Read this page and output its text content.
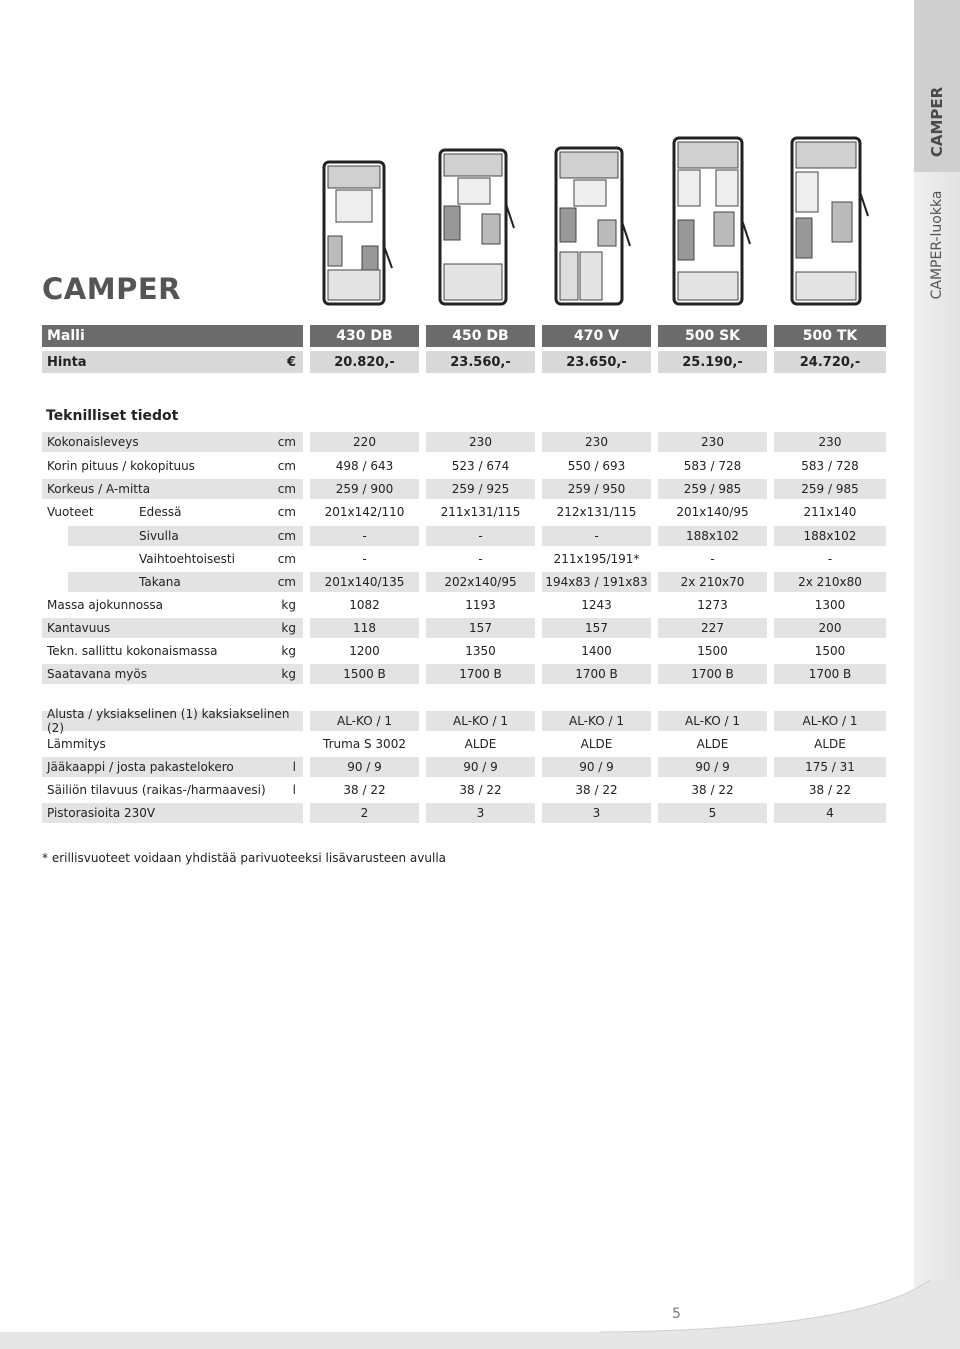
CAMPER
CAMPER-luokka
CAMPER
Malli	430 DB	450 DB	470 V	500 SK	500 TK
Hinta	€	20.820,-	23.560,-	23.650,-	25.190,-	24.720,-
Teknilliset tiedot
Kokonaisleveys	cm	220	230	230	230	230
Korin pituus / kokopituus	cm	498 / 643	523 / 674	550 / 693	583 / 728	583 / 728
Korkeus / A-mitta	cm	259 / 900	259 / 925	259 / 950	259 / 985	259 / 985
Vuoteet	Edessä	cm	201x142/110	211x131/115	212x131/115	201x140/95	211x140
Sivulla	cm	-	-	-	188x102	188x102
Vaihtoehtoisesti	cm	-	-	211x195/191*	-	-
Takana	cm	201x140/135	202x140/95	194x83 / 191x83	2x 210x70	2x 210x80
Massa ajokunnossa	kg	1082	1193	1243	1273	1300
Kantavuus	kg	118	157	157	227	200
Tekn. sallittu kokonaismassa	kg	1200	1350	1400	1500	1500
Saatavana myös	kg	1500 B	1700 B	1700 B	1700 B	1700 B
Alusta / yksiakselinen (1) kaksiakselinen (2)	AL-KO / 1	AL-KO / 1	AL-KO / 1	AL-KO / 1	AL-KO / 1
Lämmitys	Truma S 3002	ALDE	ALDE	ALDE	ALDE
Jääkaappi / josta pakastelokero	l	90 / 9	90 / 9	90 / 9	90 / 9	175 / 31
Säiliön tilavuus (raikas-/harmaavesi)	l	38 / 22	38 / 22	38 / 22	38 / 22	38 / 22
Pistorasioita 230V	2	3	3	5	4

* erillisvuoteet voidaan yhdistää parivuoteeksi lisävarusteen avulla

5
